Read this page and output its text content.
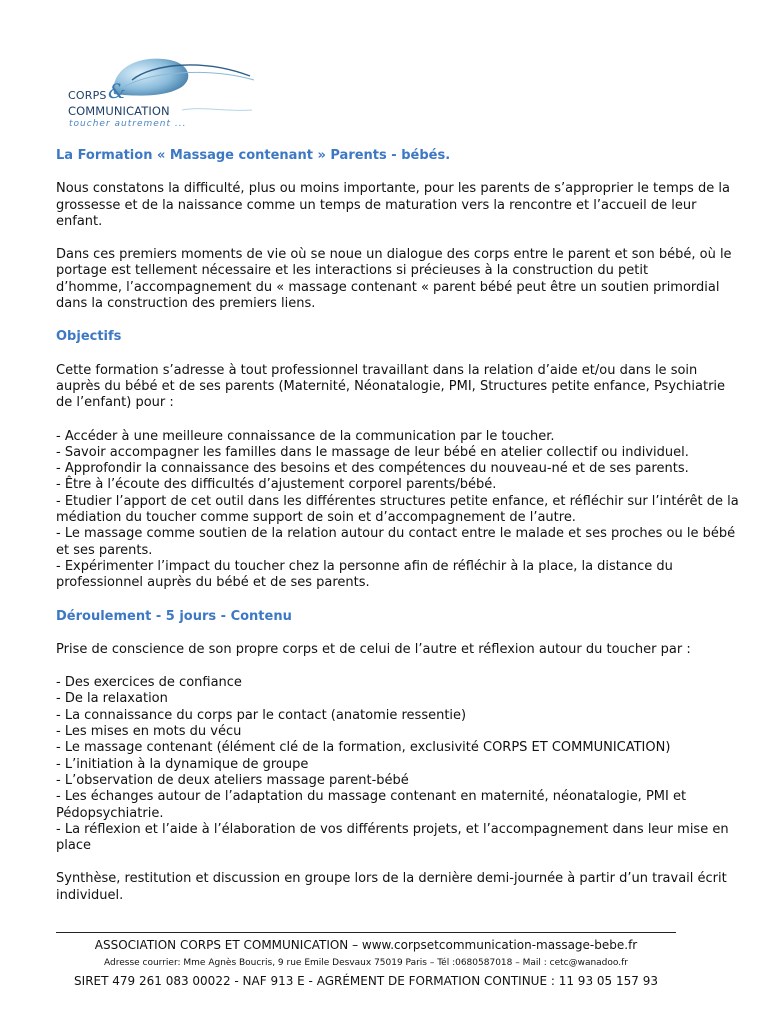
CORPS &
COMMUNICATION
toucher autrement ...

La Formation « Massage contenant » Parents - bébés.

Nous constatons la difficulté, plus ou moins importante, pour les parents de s’approprier le temps de la
grossesse et de la naissance comme un temps de maturation vers la rencontre et l’accueil de leur
enfant.

Dans ces premiers moments de vie où se noue un dialogue des corps entre le parent et son bébé, où le
portage est tellement nécessaire et les interactions si précieuses à la construction du petit
d’homme, l’accompagnement du « massage contenant « parent bébé peut être un soutien primordial
dans la construction des premiers liens.

Objectifs

Cette formation s’adresse à tout professionnel travaillant dans la relation d’aide et/ou dans le soin
auprès du bébé et de ses parents (Maternité, Néonatalogie, PMI, Structures petite enfance, Psychiatrie
de l’enfant) pour :

- Accéder à une meilleure connaissance de la communication par le toucher.
- Savoir accompagner les familles dans le massage de leur bébé en atelier collectif ou individuel.
- Approfondir la connaissance des besoins et des compétences du nouveau-né et de ses parents.
- Être à l’écoute des difficultés d’ajustement corporel parents/bébé.
- Etudier l’apport de cet outil dans les différentes structures petite enfance, et réfléchir sur l’intérêt de la
médiation du toucher comme support de soin et d’accompagnement de l’autre.
- Le massage comme soutien de la relation autour du contact entre le malade et ses proches ou le bébé
et ses parents.
- Expérimenter l’impact du toucher chez la personne afin de réfléchir à la place, la distance du
professionnel auprès du bébé et de ses parents.

Déroulement - 5 jours - Contenu

Prise de conscience de son propre corps et de celui de l’autre et réflexion autour du toucher par :

- Des exercices de confiance
- De la relaxation
- La connaissance du corps par le contact (anatomie ressentie)
- Les mises en mots du vécu
- Le massage contenant (élément clé de la formation, exclusivité CORPS ET COMMUNICATION)
- L’initiation à la dynamique de groupe
- L’observation de deux ateliers massage parent-bébé
- Les échanges autour de l’adaptation du massage contenant en maternité, néonatalogie, PMI et
Pédopsychiatrie.
- La réflexion et l’aide à l’élaboration de vos différents projets, et l’accompagnement dans leur mise en
place

Synthèse, restitution et discussion en groupe lors de la dernière demi-journée à partir d’un travail écrit
individuel.

ASSOCIATION CORPS ET COMMUNICATION – www.corpsetcommunication-massage-bebe.fr
Adresse courrier: Mme Agnès Boucris, 9 rue Emile Desvaux 75019 Paris – Tél :0680587018 – Mail : cetc@wanadoo.fr
SIRET 479 261 083 00022 - NAF 913 E - AGRÉMENT DE FORMATION CONTINUE : 11 93 05 157 93
